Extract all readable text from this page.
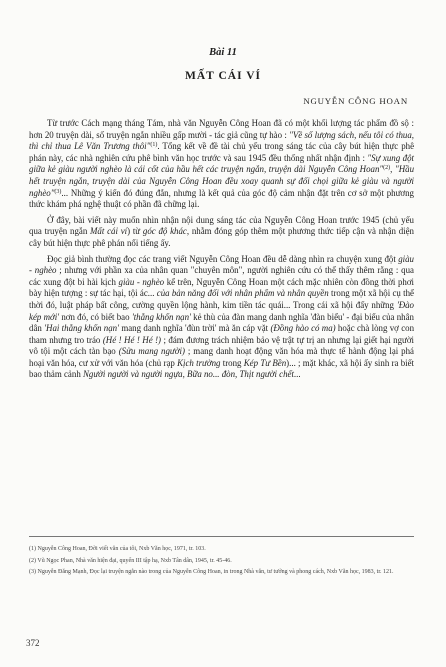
Bài 11
MẤT CÁI VÍ
NGUYỄN CÔNG HOAN

Từ trước Cách mạng tháng Tám, nhà văn Nguyễn Công Hoan đã có một khối lượng tác phẩm đồ sộ : hơn 20 truyện dài, số truyện ngắn nhiều gấp mười - tác giả cũng tự hào : "Về số lượng sách, nếu tôi có thua, thì chỉ thua Lê Văn Trương thôi"$^{(1)}$. Tổng kết về đề tài chủ yếu trong sáng tác của cây bút hiện thực phê phán này, các nhà nghiên cứu phê bình văn học trước và sau 1945 đều thống nhất nhận định : "Sự xung đột giữa kẻ giàu người nghèo là cái cốt của hầu hết các truyện ngắn, truyện dài Nguyễn Công Hoan"$^{(2)}$, "Hầu hết truyện ngắn, truyện dài của Nguyễn Công Hoan đều xoay quanh sự đối chọi giữa kẻ giàu và người nghèo"$^{(3)}$... Những ý kiến đó đúng đắn, nhưng là kết quả của góc độ cảm nhận đặt trên cơ sở một phương thức khám phá nghệ thuật có phần đã chững lại.

Ở đây, bài viết này muốn nhìn nhận nội dung sáng tác của Nguyễn Công Hoan trước 1945 (chủ yếu qua truyện ngắn Mất cái ví) từ góc độ khác, nhằm đóng góp thêm một phương thức tiếp cận và nhận diện cây bút hiện thực phê phán nổi tiếng ấy.

Đọc giả bình thường đọc các trang viết Nguyễn Công Hoan đều dễ dàng nhìn ra chuyện xung đột giàu - nghèo ; nhưng với phần xa của nhân quan "chuyên môn", người nghiên cứu có thể thấy thêm rằng : qua các xung đột bi hài kịch giàu - nghèo kể trên, Nguyễn Công Hoan một cách mặc nhiên còn đồng thời phơi bày hiện tượng : sự tác hại, tội ác... của bản năng đối với nhân phẩm và nhân quyền trong một xã hội cụ thể thời đó, luật pháp bất công, cường quyền lộng hành, kim tiền tác quái... Trong cái xã hội đấy những 'Đào kép mới' nơn đó, có biết bao 'thằng khốn nạn' kẻ thù của đàn mang danh nghĩa 'đàn biểu' - đại biểu của nhân dân 'Hai thằng khốn nạn' mang danh nghĩa 'đùn trời' mà ăn cáp vặt (Đồng hào có ma) hoặc chà lòng vợ con tham nhưng tro tráo (Hé ! Hé ! Hé !) ; đám đương trách nhiệm bảo vệ trật tự trị an nhưng lại giết hại người vô tội một cách tàn bạo (Sửu mang người) ; mang danh hoạt động văn hóa mà thực tế hành động lại phá hoại văn hóa, cư xử với văn hóa (chủ rạp Kịch trường trong Kép Tư Bền)... ; mặt khác, xã hội ấy sinh ra biết bao thảm cảnh Người người và người ngựa, Bữa no... đòn, Thịt người chết...

(1) Nguyễn Công Hoan, Đời viết văn của tôi, Nxb Văn học, 1971, tr. 103.
(2) Vũ Ngọc Phan, Nhà văn hiện đại, quyển III tập hạ, Nxb Tân dân, 1945, tr. 45-46.
(3) Nguyễn Đăng Mạnh, Đọc lại truyện ngắn nào trong của Nguyễn Công Hoan, in trong Nhà văn, tư tưởng và phong cách, Nxb Văn học, 1983, tr. 121.
372
